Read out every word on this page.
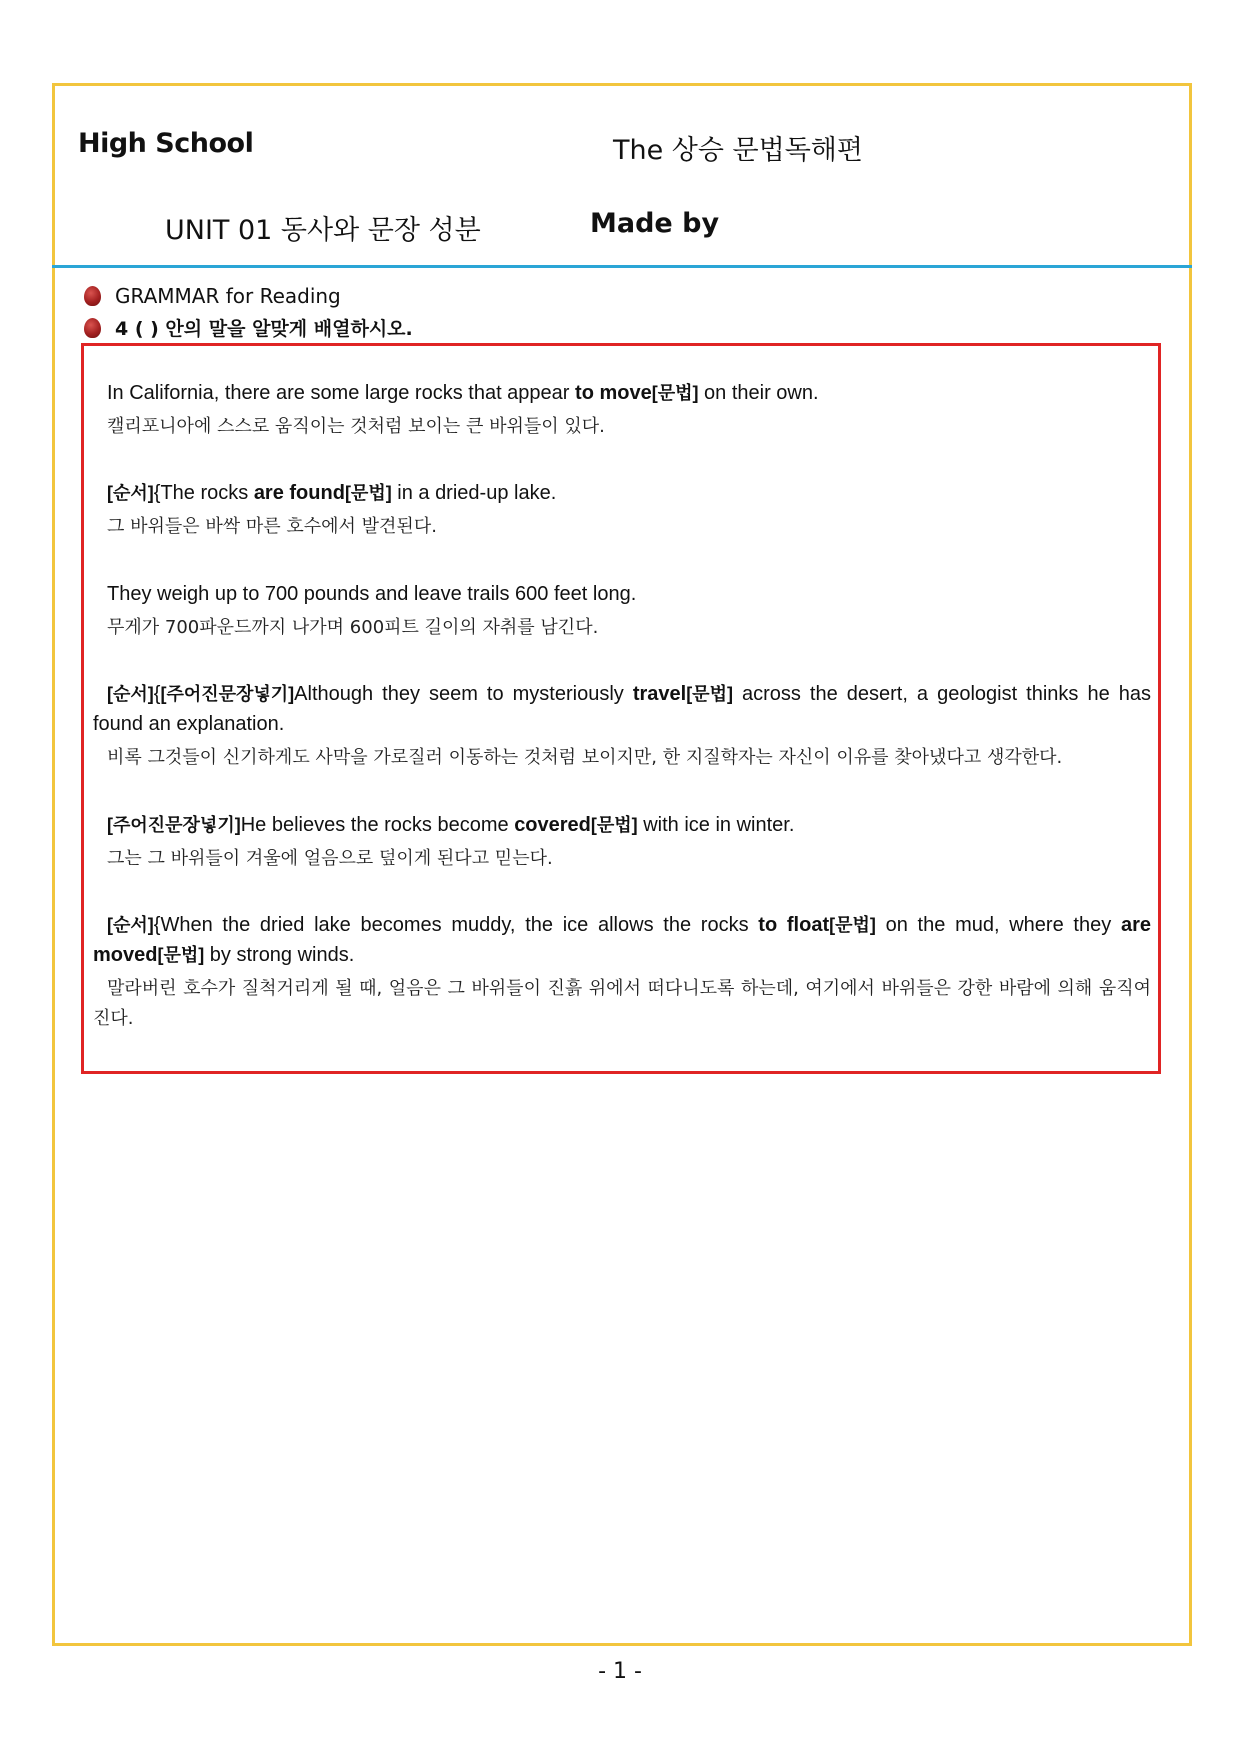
High School	The 상승 문법독해편
UNIT 01 동사와 문장 성분	Made by
GRAMMAR for Reading
4 ( ) 안의 말을 알맞게 배열하시오.
In California, there are some large rocks that appear to move[문법] on their own.
캘리포니아에 스스로 움직이는 것처럼 보이는 큰 바위들이 있다.
[순서]{The rocks are found[문법] in a dried-up lake.
그 바위들은 바싹 마른 호수에서 발견된다.
They weigh up to 700 pounds and leave trails 600 feet long.
무게가 700파운드까지 나가며 600피트 길이의 자취를 남긴다.
[순서]{[주어진문장넣기]Although they seem to mysteriously travel[문법] across the desert, a geologist thinks he has found an explanation.
비록 그것들이 신기하게도 사막을 가로질러 이동하는 것처럼 보이지만, 한 지질학자는 자신이 이유를 찾아냈다고 생각한다.
[주어진문장넣기]He believes the rocks become covered[문법] with ice in winter.
그는 그 바위들이 겨울에 얼음으로 덮이게 된다고 믿는다.
[순서]{When the dried lake becomes muddy, the ice allows the rocks to float[문법] on the mud, where they are moved[문법] by strong winds.
말라버린 호수가 질척거리게 될 때, 얼음은 그 바위들이 진흙 위에서 떠다니도록 하는데, 여기에서 바위들은 강한 바람에 의해 움직여진다.
- 1 -
